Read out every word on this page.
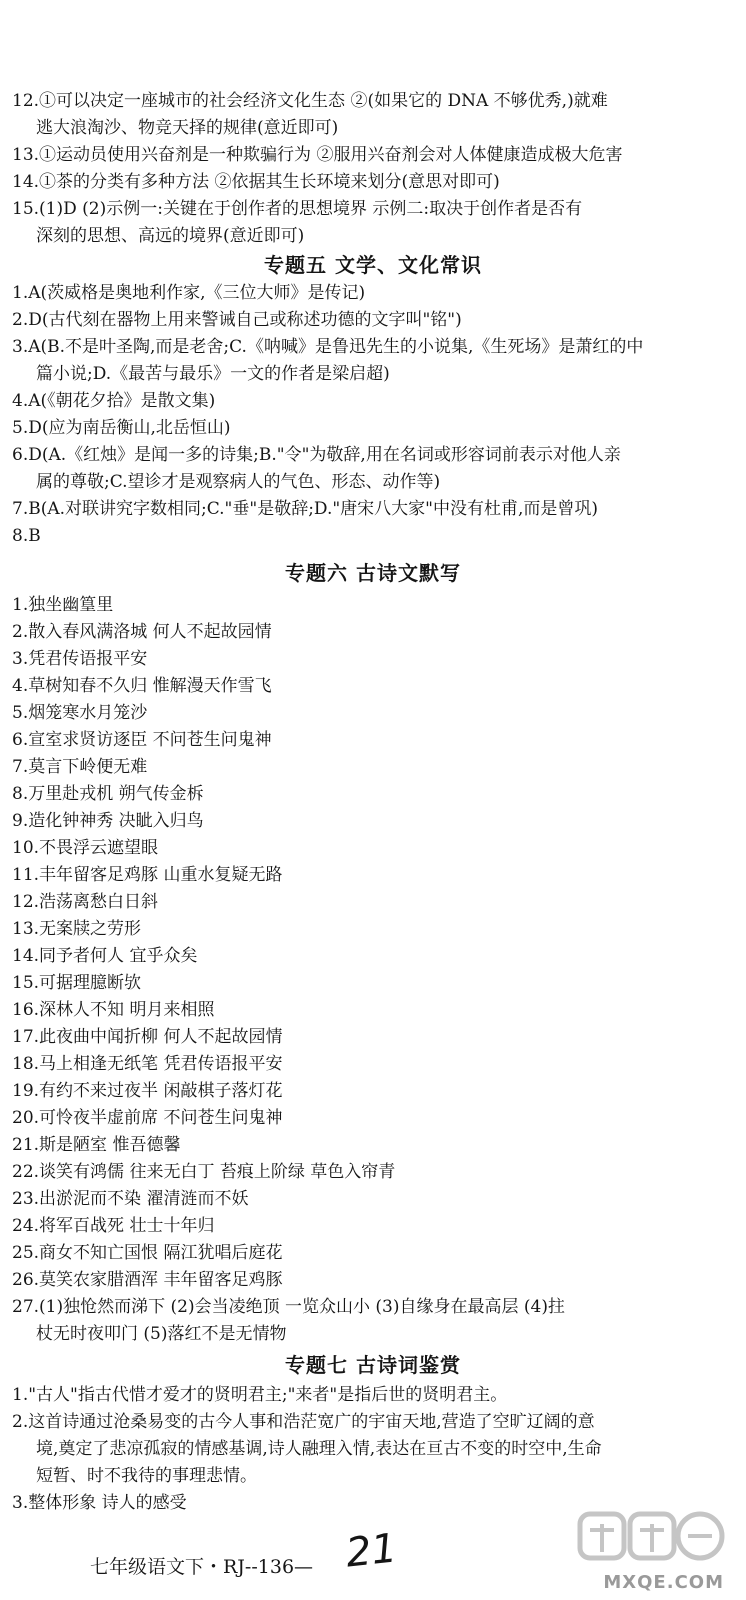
12.①可以决定一座城市的社会经济文化生态 ②(如果它的 DNA 不够优秀,)就难
逃大浪淘沙、物竞天择的规律(意近即可)
13.①运动员使用兴奋剂是一种欺骗行为 ②服用兴奋剂会对人体健康造成极大危害
14.①茶的分类有多种方法 ②依据其生长环境来划分(意思对即可)
15.(1)D (2)示例一:关键在于创作者的思想境界 示例二:取决于创作者是否有
深刻的思想、高远的境界(意近即可)
专题五 文学、文化常识
1.A(茨威格是奥地利作家,《三位大师》是传记)
2.D(古代刻在器物上用来警诫自己或称述功德的文字叫"铭")
3.A(B.不是叶圣陶,而是老舍;C.《呐喊》是鲁迅先生的小说集,《生死场》是萧红的中
篇小说;D.《最苦与最乐》一文的作者是梁启超)
4.A(《朝花夕拾》是散文集)
5.D(应为南岳衡山,北岳恒山)
6.D(A.《红烛》是闻一多的诗集;B."令"为敬辞,用在名词或形容词前表示对他人亲
属的尊敬;C.望诊才是观察病人的气色、形态、动作等)
7.B(A.对联讲究字数相同;C."垂"是敬辞;D."唐宋八大家"中没有杜甫,而是曾巩)
8.B
专题六 古诗文默写
1.独坐幽篁里
2.散入春风满洛城 何人不起故园情
3.凭君传语报平安
4.草树知春不久归 惟解漫天作雪飞
5.烟笼寒水月笼沙
6.宣室求贤访逐臣 不问苍生问鬼神
7.莫言下岭便无难
8.万里赴戎机 朔气传金柝
9.造化钟神秀 决眦入归鸟
10.不畏浮云遮望眼
11.丰年留客足鸡豚 山重水复疑无路
12.浩荡离愁白日斜
13.无案牍之劳形
14.同予者何人 宜乎众矣
15.可据理臆断欤
16.深林人不知 明月来相照
17.此夜曲中闻折柳 何人不起故园情
18.马上相逢无纸笔 凭君传语报平安
19.有约不来过夜半 闲敲棋子落灯花
20.可怜夜半虚前席 不问苍生问鬼神
21.斯是陋室 惟吾德馨
22.谈笑有鸿儒 往来无白丁 苔痕上阶绿 草色入帘青
23.出淤泥而不染 濯清涟而不妖
24.将军百战死 壮士十年归
25.商女不知亡国恨 隔江犹唱后庭花
26.莫笑农家腊酒浑 丰年留客足鸡豚
27.(1)独怆然而涕下 (2)会当凌绝顶 一览众山小 (3)自缘身在最高层 (4)拄
杖无时夜叩门 (5)落红不是无情物
专题七 古诗词鉴赏
1."古人"指古代惜才爱才的贤明君主;"来者"是指后世的贤明君主。
2.这首诗通过沧桑易变的古今人事和浩茫宽广的宇宙天地,营造了空旷辽阔的意
境,奠定了悲凉孤寂的情感基调,诗人融理入情,表达在亘古不变的时空中,生命
短暂、时不我待的事理悲情。
3.整体形象 诗人的感受
七年级语文下・RJ--136— 21
MXQE.COM
